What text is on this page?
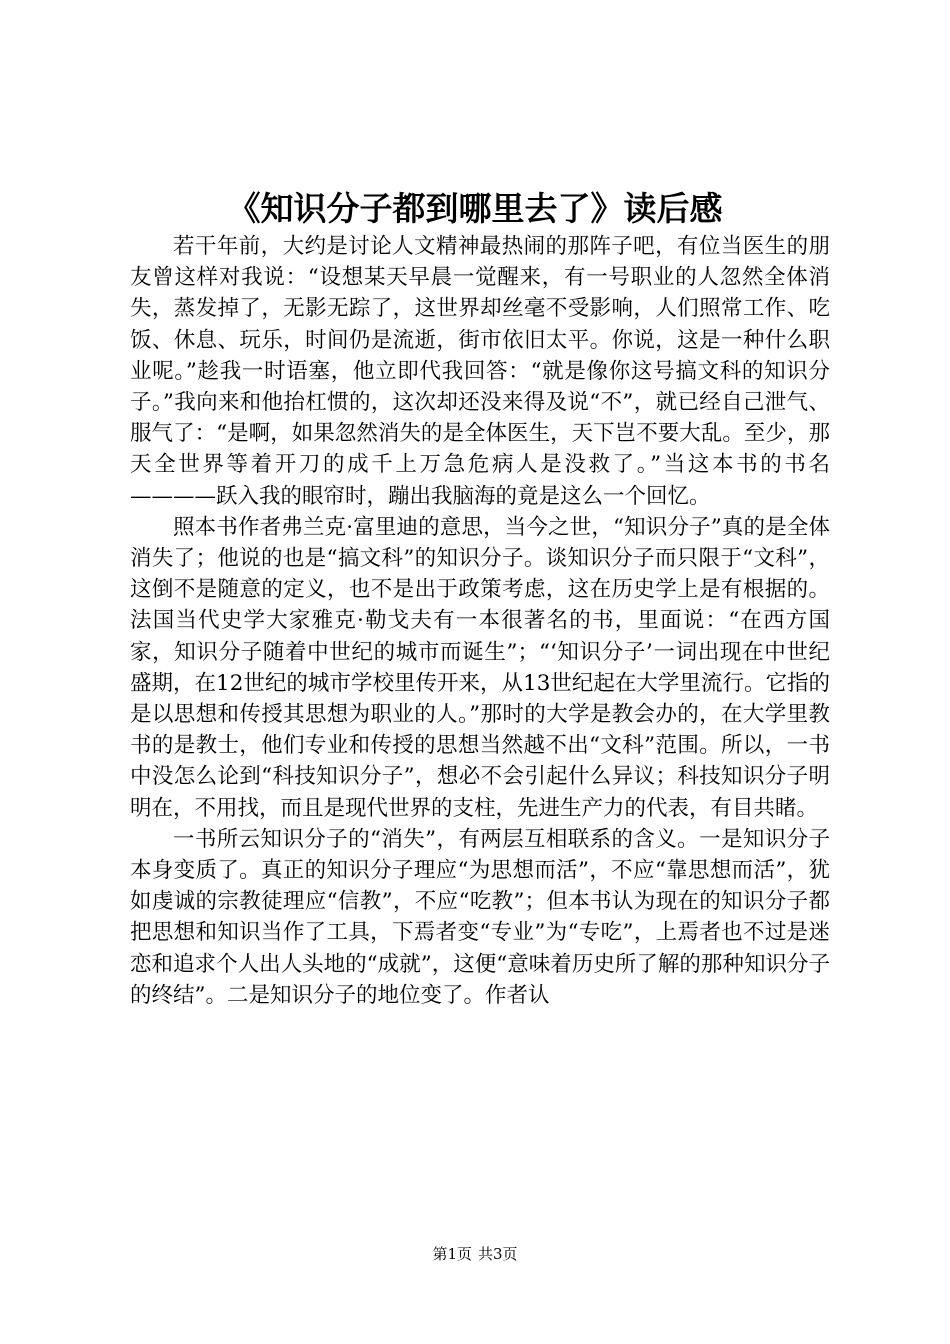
《知识分子都到哪里去了》读后感

若干年前，大约是讨论人文精神最热闹的那阵子吧，有位当医生的朋友曾这样对我说：“设想某天早晨一觉醒来，有一号职业的人忽然全体消失，蒸发掉了，无影无踪了，这世界却丝毫不受影响，人们照常工作、吃饭、休息、玩乐，时间仍是流逝，街市依旧太平。你说，这是一种什么职业呢。”趁我一时语塞，他立即代我回答：“就是像你这号搞文科的知识分子。”我向来和他抬杠惯的，这次却还没来得及说“不”，就已经自己泄气、服气了：“是啊，如果忽然消失的是全体医生，天下岂不要大乱。至少，那天全世界等着开刀的成千上万急危病人是没救了。”当这本书的书名————跃入我的眼帘时，蹦出我脑海的竟是这么一个回忆。

照本书作者弗兰克·富里迪的意思，当今之世，“知识分子”真的是全体消失了；他说的也是“搞文科”的知识分子。谈知识分子而只限于“文科”，这倒不是随意的定义，也不是出于政策考虑，这在历史学上是有根据的。法国当代史学大家雅克·勒戈夫有一本很著名的书，里面说：“在西方国家，知识分子随着中世纪的城市而诞生”；“‘知识分子’一词出现在中世纪盛期，在12世纪的城市学校里传开来，从13世纪起在大学里流行。它指的是以思想和传授其思想为职业的人。”那时的大学是教会办的，在大学里教书的是教士，他们专业和传授的思想当然越不出“文科”范围。所以，一书中没怎么论到“科技知识分子”，想必不会引起什么异议；科技知识分子明明在，不用找，而且是现代世界的支柱，先进生产力的代表，有目共睹。

一书所云知识分子的“消失”，有两层互相联系的含义。一是知识分子本身变质了。真正的知识分子理应“为思想而活”，不应“靠思想而活”，犹如虔诚的宗教徒理应“信教”，不应“吃教”；但本书认为现在的知识分子都把思想和知识当作了工具，下焉者变“专业”为“专吃”，上焉者也不过是迷恋和追求个人出人头地的“成就”，这便“意味着历史所了解的那种知识分子的终结”。二是知识分子的地位变了。作者认

第1页 共3页
